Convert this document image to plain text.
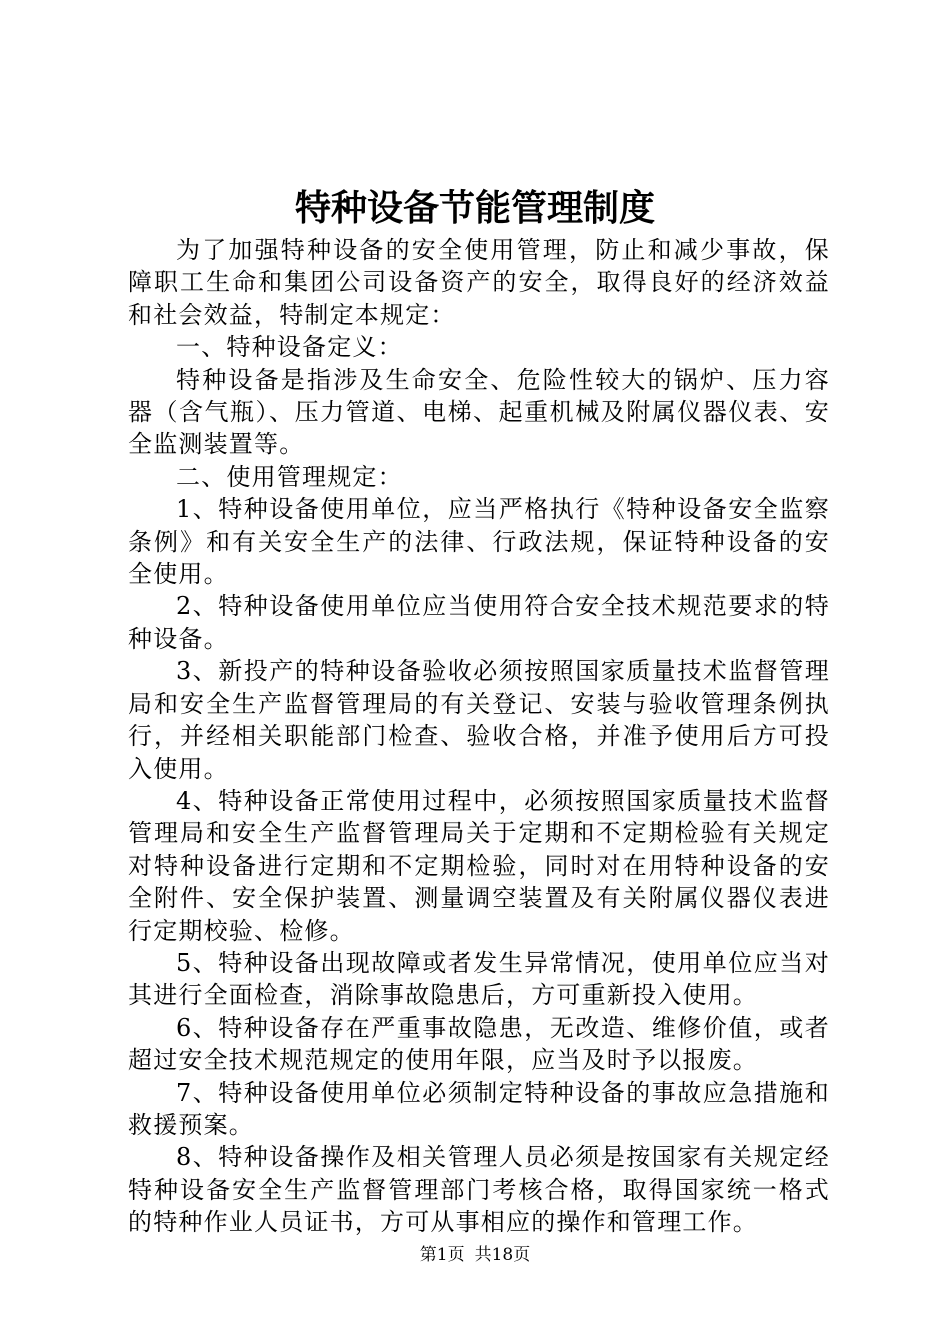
特种设备节能管理制度

为了加强特种设备的安全使用管理，防止和减少事故，保障职工生命和集团公司设备资产的安全，取得良好的经济效益和社会效益，特制定本规定：

一、特种设备定义：

特种设备是指涉及生命安全、危险性较大的锅炉、压力容器（含气瓶）、压力管道、电梯、起重机械及附属仪器仪表、安全监测装置等。

二、使用管理规定：

1、特种设备使用单位，应当严格执行《特种设备安全监察条例》和有关安全生产的法律、行政法规，保证特种设备的安全使用。

2、特种设备使用单位应当使用符合安全技术规范要求的特种设备。

3、新投产的特种设备验收必须按照国家质量技术监督管理局和安全生产监督管理局的有关登记、安装与验收管理条例执行，并经相关职能部门检查、验收合格，并准予使用后方可投入使用。

4、特种设备正常使用过程中，必须按照国家质量技术监督管理局和安全生产监督管理局关于定期和不定期检验有关规定对特种设备进行定期和不定期检验，同时对在用特种设备的安全附件、安全保护装置、测量调空装置及有关附属仪器仪表进行定期校验、检修。

5、特种设备出现故障或者发生异常情况，使用单位应当对其进行全面检查，消除事故隐患后，方可重新投入使用。

6、特种设备存在严重事故隐患，无改造、维修价值，或者超过安全技术规范规定的使用年限，应当及时予以报废。

7、特种设备使用单位必须制定特种设备的事故应急措施和救援预案。

8、特种设备操作及相关管理人员必须是按国家有关规定经特种设备安全生产监督管理部门考核合格，取得国家统一格式的特种作业人员证书，方可从事相应的操作和管理工作。

第1页 共18页
